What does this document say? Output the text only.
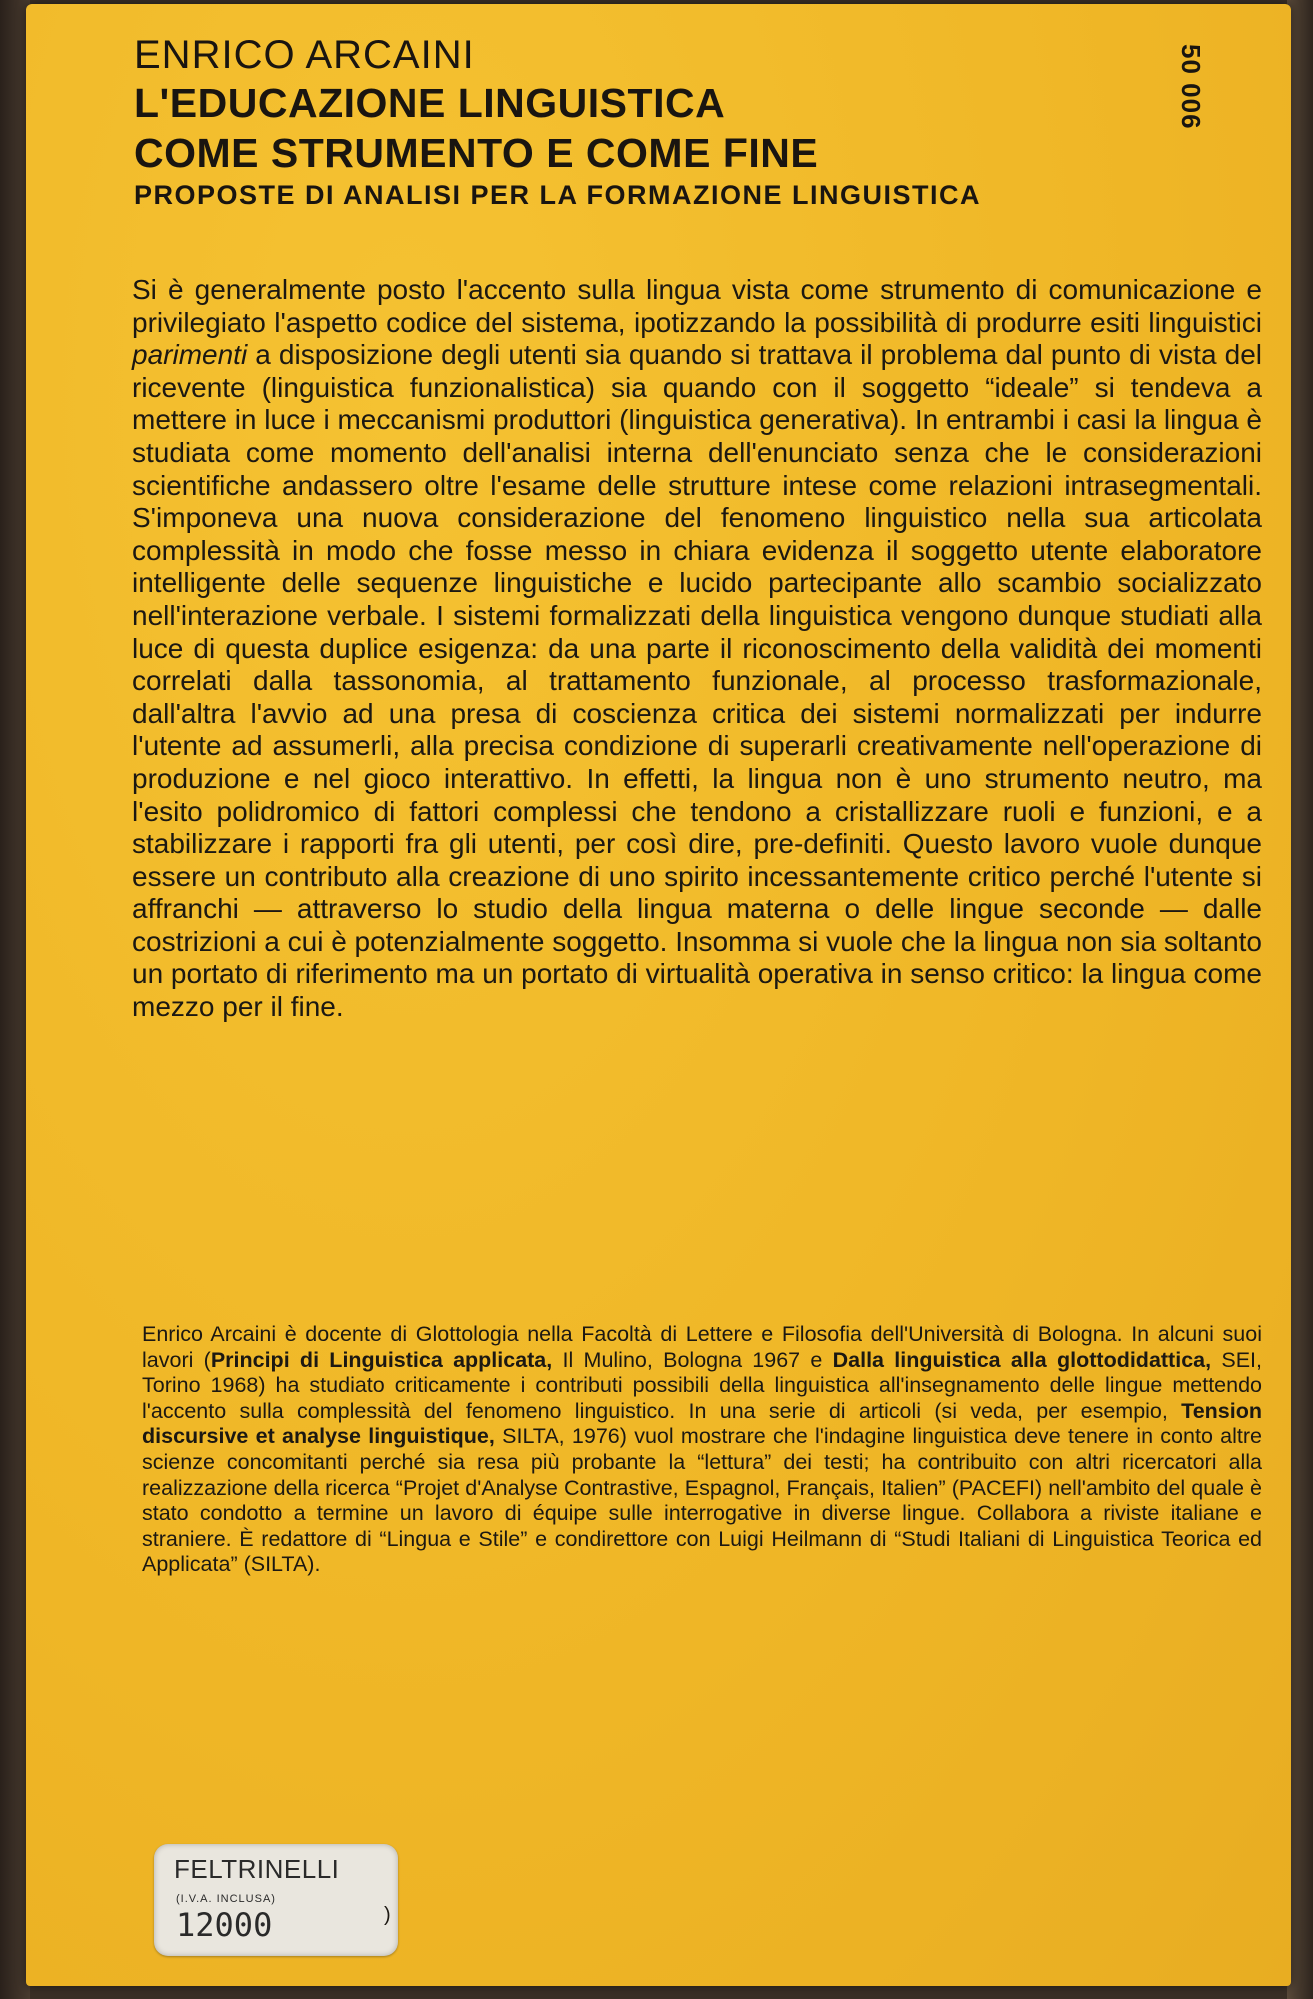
ENRICO ARCAINI

L'EDUCAZIONE LINGUISTICA

COME STRUMENTO E COME FINE

PROPOSTE DI ANALISI PER LA FORMAZIONE LINGUISTICA

50 006

Si è generalmente posto l'accento sulla lingua vista come strumento di comunicazione e privilegiato l'aspetto codice del sistema, ipotizzando la possibilità di produrre esiti linguistici parimenti a disposizione degli utenti sia quando si trattava il problema dal punto di vista del ricevente (linguistica funzionalistica) sia quando con il soggetto “ideale” si tendeva a mettere in luce i meccanismi produttori (linguistica generativa). In entrambi i casi la lingua è studiata come momento dell'analisi interna dell'enunciato senza che le considerazioni scientifiche andassero oltre l'esame delle strutture intese come relazioni intrasegmentali. S'imponeva una nuova considerazione del fenomeno linguistico nella sua articolata complessità in modo che fosse messo in chiara evidenza il soggetto utente elaboratore intelligente delle sequenze linguistiche e lucido partecipante allo scambio socializzato nell'interazione verbale. I sistemi formalizzati della linguistica vengono dunque studiati alla luce di questa duplice esigenza: da una parte il riconoscimento della validità dei momenti correlati dalla tassonomia, al trattamento funzionale, al processo trasformazionale, dall'altra l'avvio ad una presa di coscienza critica dei sistemi normalizzati per indurre l'utente ad assumerli, alla precisa condizione di superarli creativamente nell'operazione di produzione e nel gioco interattivo. In effetti, la lingua non è uno strumento neutro, ma l'esito polidromico di fattori complessi che tendono a cristallizzare ruoli e funzioni, e a stabilizzare i rapporti fra gli utenti, per così dire, pre-definiti. Questo lavoro vuole dunque essere un contributo alla creazione di uno spirito incessantemente critico perché l'utente si affranchi — attraverso lo studio della lingua materna o delle lingue seconde — dalle costrizioni a cui è potenzialmente soggetto. Insomma si vuole che la lingua non sia soltanto un portato di riferimento ma un portato di virtualità operativa in senso critico: la lingua come mezzo per il fine.

Enrico Arcaini è docente di Glottologia nella Facoltà di Lettere e Filosofia dell'Università di Bologna. In alcuni suoi lavori (Principi di Linguistica applicata, Il Mulino, Bologna 1967 e Dalla linguistica alla glottodidattica, SEI, Torino 1968) ha studiato criticamente i contributi possibili della linguistica all'insegnamento delle lingue mettendo l'accento sulla complessità del fenomeno linguistico. In una serie di articoli (si veda, per esempio, Tension discursive et analyse linguistique, SILTA, 1976) vuol mostrare che l'indagine linguistica deve tenere in conto altre scienze concomitanti perché sia resa più probante la “lettura” dei testi; ha contribuito con altri ricercatori alla realizzazione della ricerca “Projet d'Analyse Contrastive, Espagnol, Français, Italien” (PACEFI) nell'ambito del quale è stato condotto a termine un lavoro di équipe sulle interrogative in diverse lingue. Collabora a riviste italiane e straniere. È redattore di “Lingua e Stile” e condirettore con Luigi Heilmann di “Studi Italiani di Linguistica Teorica ed Applicata” (SILTA).

FELTRINELLI
(I.V.A. INCLUSA)
12000	)
